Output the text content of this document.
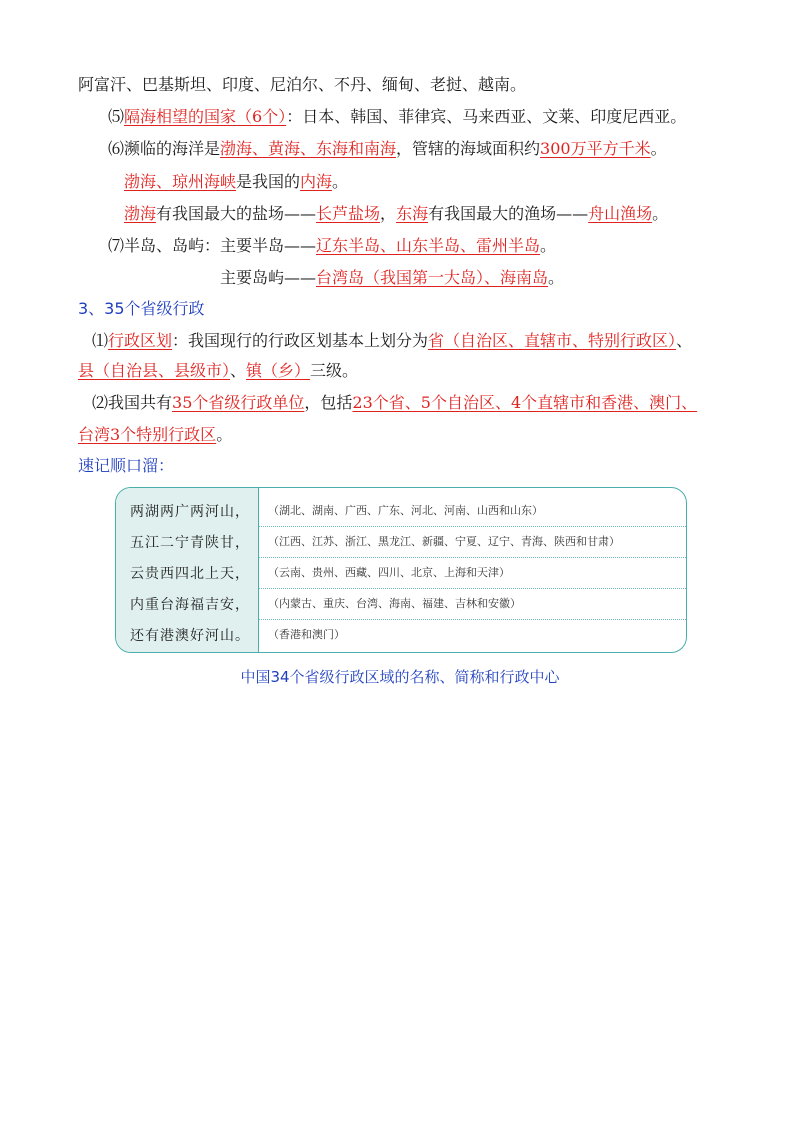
阿富汗、巴基斯坦、印度、尼泊尔、不丹、缅甸、老挝、越南。
⑸隔海相望的国家（6个）：日本、韩国、菲律宾、马来西亚、文莱、印度尼西亚。
⑹濒临的海洋是渤海、黄海、东海和南海，管辖的海域面积约300万平方千米。
渤海、琼州海峡是我国的内海。
渤海有我国最大的盐场——长芦盐场，东海有我国最大的渔场——舟山渔场。
⑺半岛、岛屿：主要半岛——辽东半岛、山东半岛、雷州半岛。
主要岛屿——台湾岛（我国第一大岛）、海南岛。
3、35个省级行政
⑴行政区划：我国现行的行政区划基本上划分为省（自治区、直辖市、特别行政区）、
县（自治县、县级市）、镇（乡）三级。
⑵我国共有35个省级行政单位，包括23个省、5个自治区、4个直辖市和香港、澳门、
台湾3个特别行政区。
速记顺口溜：
两湖两广两河山， （湖北、湖南、广西、广东、河北、河南、山西和山东）
五江二宁青陕甘， （江西、江苏、浙江、黑龙江、新疆、宁夏、辽宁、青海、陕西和甘肃）
云贵西四北上天， （云南、贵州、西藏、四川、北京、上海和天津）
内重台海福吉安， （内蒙古、重庆、台湾、海南、福建、吉林和安徽）
还有港澳好河山。 （香港和澳门）
中国34个省级行政区域的名称、简称和行政中心
